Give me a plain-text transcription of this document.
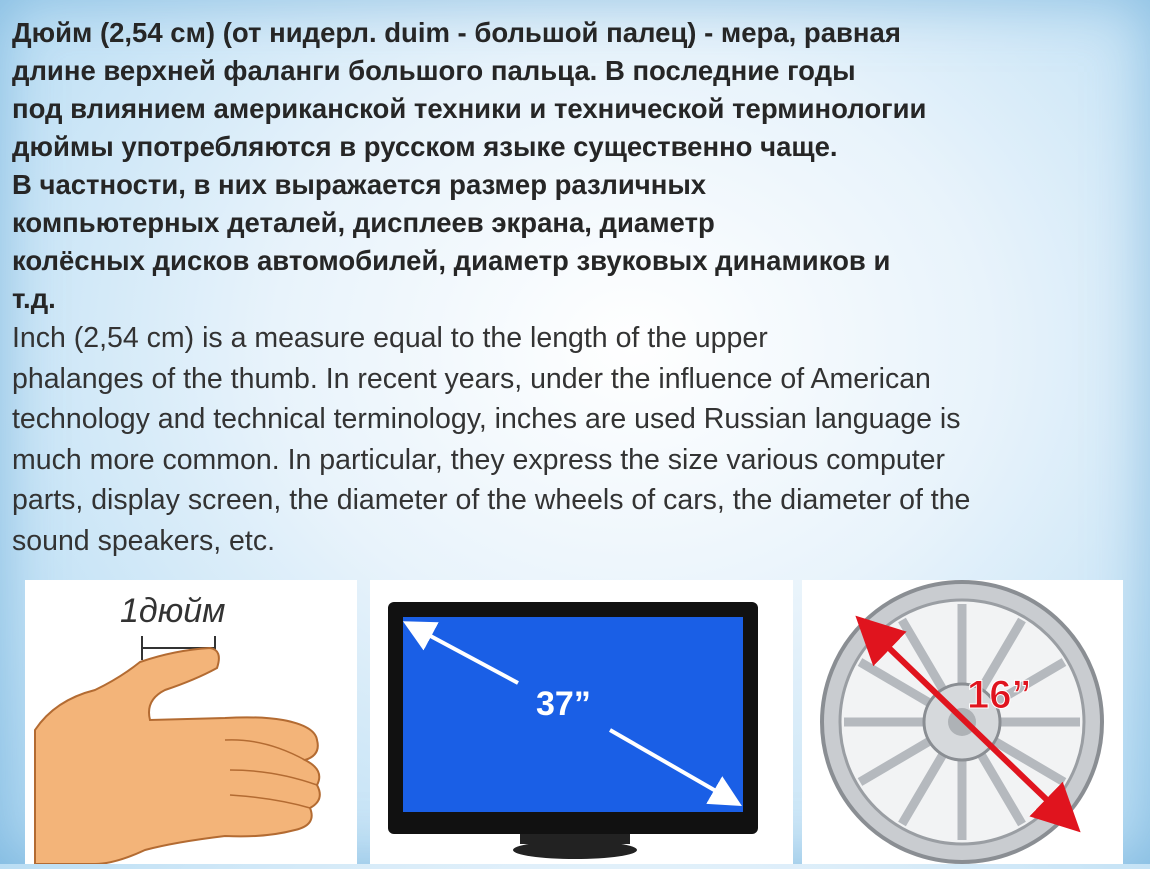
Дюйм (2,54 см) (от нидерл. duim - большой палец) - мера, равная
длине верхней фаланги большого пальца. В последние годы
под влиянием американской техники и технической терминологии
дюймы употребляются в русском языке существенно чаще.
В частности, в них выражается размер различных
компьютерных деталей, дисплеев экрана, диаметр
колёсных дисков автомобилей, диаметр звуковых динамиков и
т.д.

Inch (2,54 cm) is a measure equal to the length of the upper
phalanges of the thumb. In recent years, under the influence of American
technology and technical terminology, inches are used Russian language is
much more common. In particular, they express the size various computer
parts, display screen, the diameter of the wheels of cars, the diameter of the
sound speakers, etc.

1дюйм
37”	16”
